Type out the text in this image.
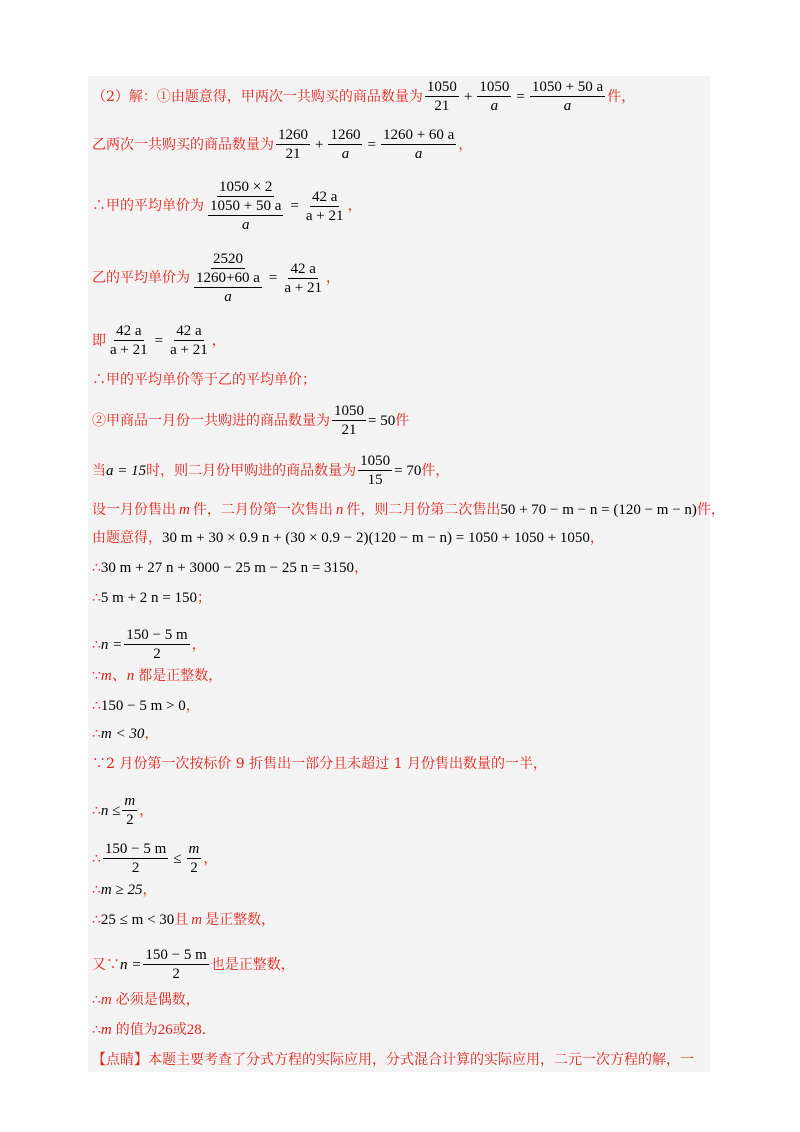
（2）解：①由题意得，甲两次一共购买的商品数量为 $\frac{1050}{21} + \frac{1050}{a} = \frac{1050 + 50 a}{a}$ 件，
乙两次一共购买的商品数量为 $\frac{1260}{21} + \frac{1260}{a} = \frac{1260 + 60 a}{a}$ ，
∴甲的平均单价为 $\frac{1050 \times 2}{\frac{1050 + 50 a}{a}} = \frac{42 a}{a + 21}$ ，
乙的平均单价为 $\frac{2520}{\frac{1260+60 a}{a}} = \frac{42 a}{a + 21}$ ，
即 $\frac{42 a}{a + 21} = \frac{42 a}{a + 21}$ ，
∴甲的平均单价等于乙的平均单价；
②甲商品一月份一共购进的商品数量为 $\frac{1050}{21} = 50$ 件
当 a = 15 时，则二月份甲购进的商品数量为 $\frac{1050}{15} = 70$ 件，
设一月份售出 m 件，二月份第一次售出 n 件，则二月份第二次售出 50 + 70 − m − n = (120 − m − n) 件，
由题意得， 30 m + 30 × 0.9 n + (30 × 0.9 − 2)(120 − m − n) = 1050 + 1050 + 1050 ，
∴ 30 m + 27 n + 3000 − 25 m − 25 n = 3150 ，
∴ 5 m + 2 n = 150 ；
∴ $n = \frac{150 - 5 m}{2}$ ，
∵ m、n 都是正整数，
∴ 150 − 5 m > 0 ，
∴ m < 30 ，
∵2 月份第一次按标价 9 折售出一部分且未超过 1 月份售出数量的一半，
∴ $n \le \frac{m}{2}$ ，
∴ $\frac{150 - 5 m}{2} \le \frac{m}{2}$ ，
∴ m ≥ 25 ，
∴ 25 ≤ m < 30 且 m 是正整数，
又∵ $n = \frac{150 - 5 m}{2}$ 也是正整数，
∴ m 必须是偶数，
∴ m 的值为 26 或 28 .
【点睛】本题主要考查了分式方程的实际应用，分式混合计算的实际应用，二元一次方程的解，一
